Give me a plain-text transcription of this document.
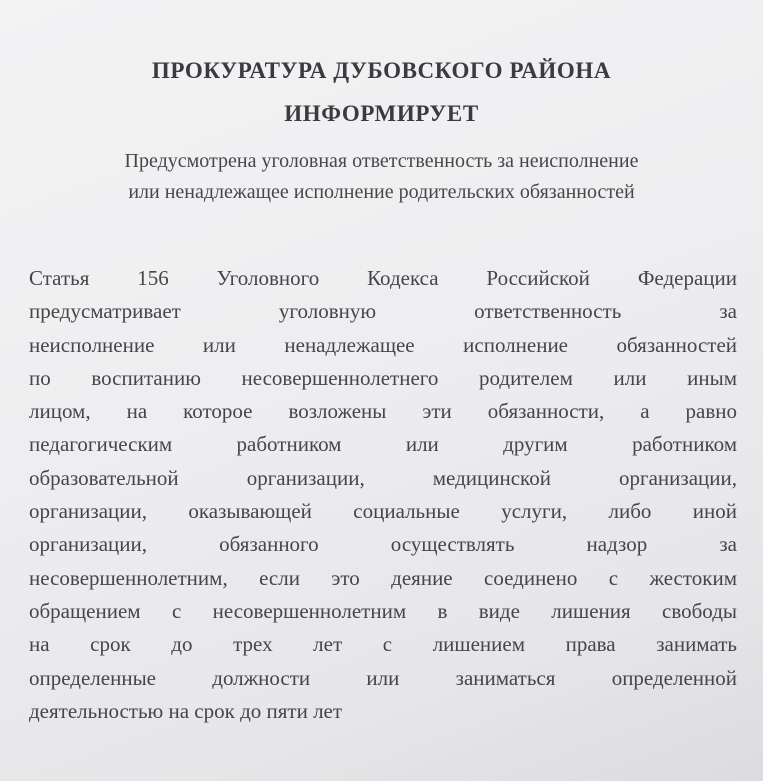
ПРОКУРАТУРА ДУБОВСКОГО РАЙОНА
ИНФОРМИРУЕТ

Предусмотрена уголовная ответственность за неисполнение
или ненадлежащее исполнение родительских обязанностей

Статья 156 Уголовного Кодекса Российской Федерации
предусматривает уголовную ответственность за
неисполнение или ненадлежащее исполнение обязанностей
по воспитанию несовершеннолетнего родителем или иным
лицом, на которое возложены эти обязанности, а равно
педагогическим работником или другим работником
образовательной организации, медицинской организации,
организации, оказывающей социальные услуги, либо иной
организации, обязанного осуществлять надзор за
несовершеннолетним, если это деяние соединено с жестоким
обращением с несовершеннолетним в виде лишения свободы
на срок до трех лет с лишением права занимать
определенные должности или заниматься определенной
деятельностью на срок до пяти лет
